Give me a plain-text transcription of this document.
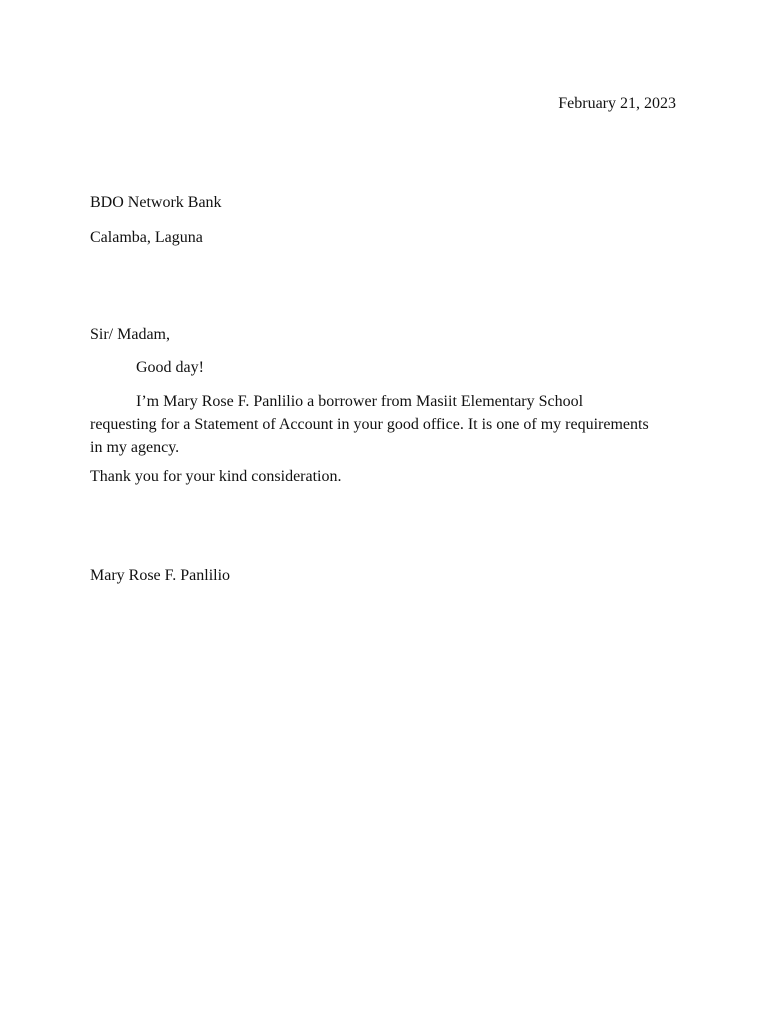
February 21, 2023
BDO Network Bank
Calamba, Laguna
Sir/ Madam,
Good day!
I’m Mary Rose F. Panlilio a borrower from Masiit Elementary School requesting for a Statement of Account in your good office. It is one of my requirements in my agency.
Thank you for your kind consideration.
Mary Rose F. Panlilio
